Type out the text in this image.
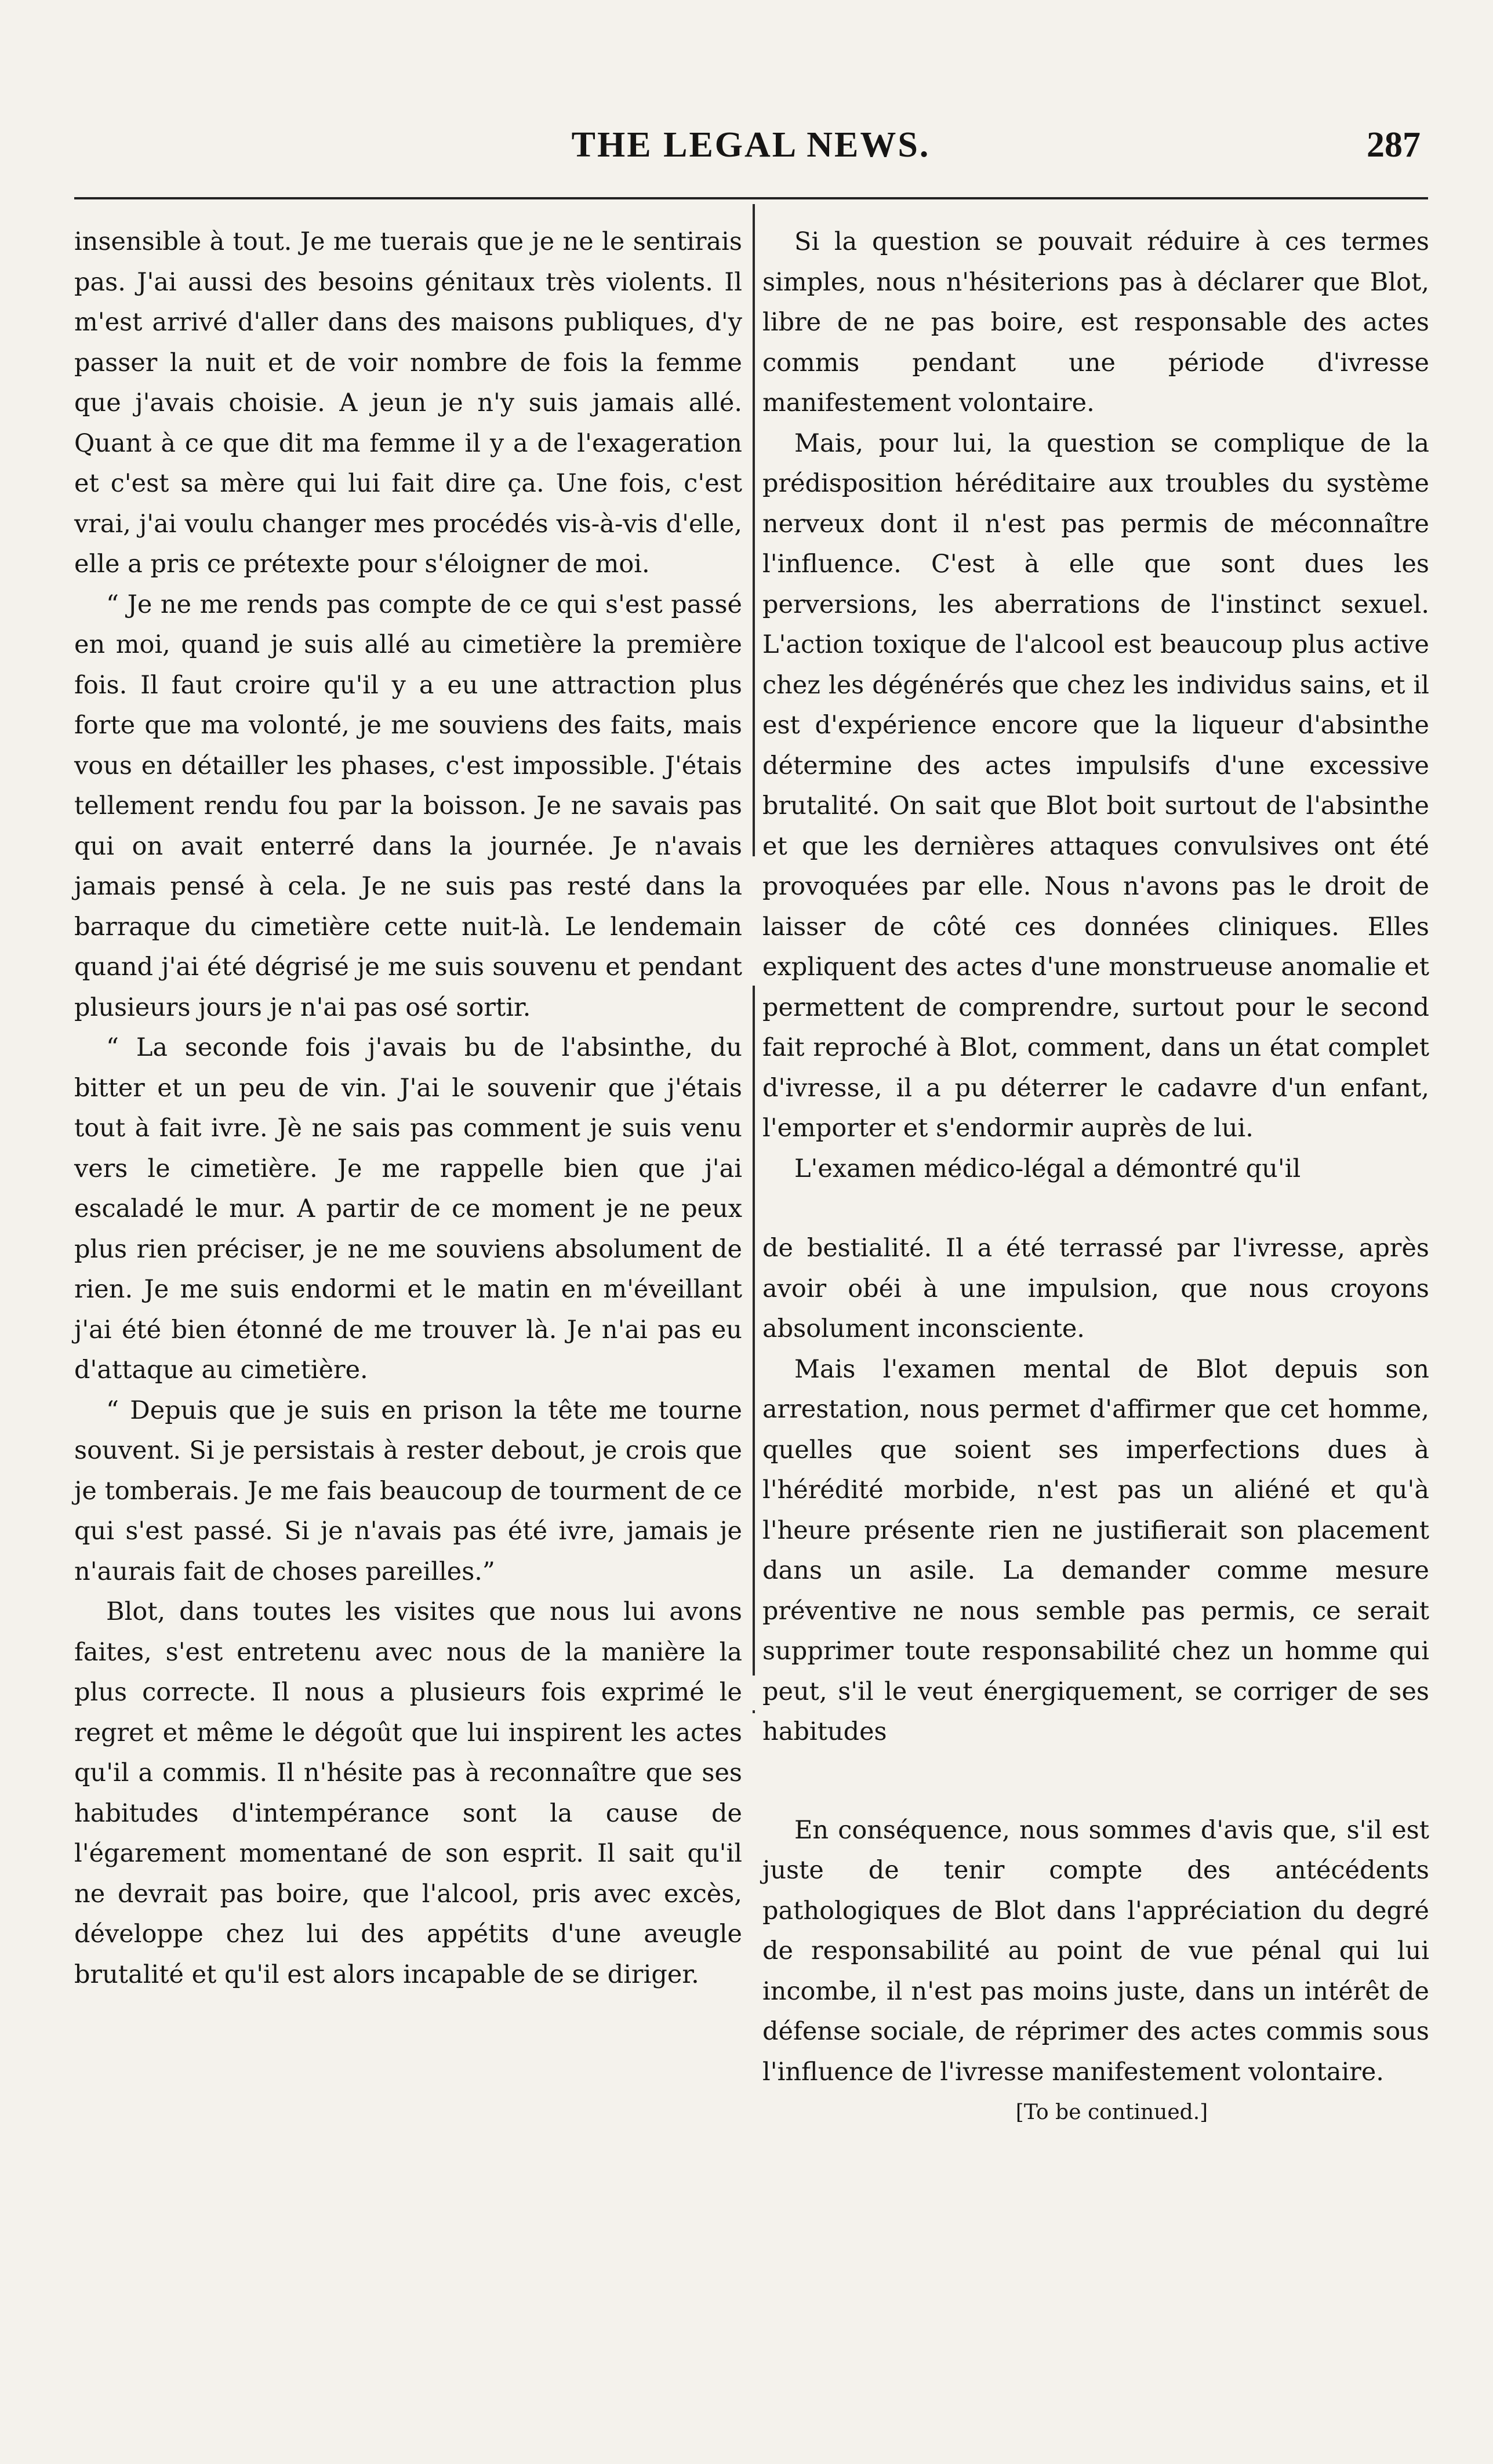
THE LEGAL NEWS.	287

insensible à tout. Je me tuerais que je ne le sentirais pas. J'ai aussi des besoins génitaux très violents. Il m'est arrivé d'aller dans des maisons publiques, d'y passer la nuit et de voir nombre de fois la femme que j'avais choisie. A jeun je n'y suis jamais allé. Quant à ce que dit ma femme il y a de l'exageration et c'est sa mère qui lui fait dire ça. Une fois, c'est vrai, j'ai voulu changer mes procédés vis-à-vis d'elle, elle a pris ce prétexte pour s'éloigner de moi.

“ Je ne me rends pas compte de ce qui s'est passé en moi, quand je suis allé au cimetière la première fois. Il faut croire qu'il y a eu une attraction plus forte que ma volonté, je me souviens des faits, mais vous en détailler les phases, c'est impossible. J'étais tellement rendu fou par la boisson. Je ne savais pas qui on avait enterré dans la journée. Je n'avais jamais pensé à cela. Je ne suis pas resté dans la barraque du cimetière cette nuit-là. Le lendemain quand j'ai été dégrisé je me suis souvenu et pendant plusieurs jours je n'ai pas osé sortir.

“ La seconde fois j'avais bu de l'absinthe, du bitter et un peu de vin. J'ai le souvenir que j'étais tout à fait ivre. Jè ne sais pas comment je suis venu vers le cimetière. Je me rappelle bien que j'ai escaladé le mur. A partir de ce moment je ne peux plus rien préciser, je ne me souviens absolument de rien. Je me suis endormi et le matin en m'éveillant j'ai été bien étonné de me trouver là. Je n'ai pas eu d'attaque au cimetière.

“ Depuis que je suis en prison la tête me tourne souvent. Si je persistais à rester debout, je crois que je tomberais. Je me fais beaucoup de tourment de ce qui s'est passé. Si je n'avais pas été ivre, jamais je n'aurais fait de choses pareilles.”

Blot, dans toutes les visites que nous lui avons faites, s'est entretenu avec nous de la manière la plus correcte. Il nous a plusieurs fois exprimé le regret et même le dégoût que lui inspirent les actes qu'il a commis. Il n'hésite pas à reconnaître que ses habitudes d'intempérance sont la cause de l'égarement momentané de son esprit. Il sait qu'il ne devrait pas boire, que l'alcool, pris avec excès, développe chez lui des appétits d'une aveugle brutalité et qu'il est alors incapable de se diriger.

Si la question se pouvait réduire à ces termes simples, nous n'hésiterions pas à déclarer que Blot, libre de ne pas boire, est responsable des actes commis pendant une période d'ivresse manifestement volontaire.

Mais, pour lui, la question se complique de la prédisposition héréditaire aux troubles du système nerveux dont il n'est pas permis de méconnaître l'influence. C'est à elle que sont dues les perversions, les aberrations de l'instinct sexuel. L'action toxique de l'alcool est beaucoup plus active chez les dégénérés que chez les individus sains, et il est d'expérience encore que la liqueur d'absinthe détermine des actes impulsifs d'une excessive brutalité. On sait que Blot boit surtout de l'absinthe et que les dernières attaques convulsives ont été provoquées par elle. Nous n'avons pas le droit de laisser de côté ces données cliniques. Elles expliquent des actes d'une monstrueuse anomalie et permettent de comprendre, surtout pour le second fait reproché à Blot, comment, dans un état complet d'ivresse, il a pu déterrer le cadavre d'un enfant, l'emporter et s'endormir auprès de lui.

L'examen médico-légal a démontré qu'il

de bestialité. Il a été terrassé par l'ivresse, après avoir obéi à une impulsion, que nous croyons absolument inconsciente.

Mais l'examen mental de Blot depuis son arrestation, nous permet d'affirmer que cet homme, quelles que soient ses imperfections dues à l'hérédité morbide, n'est pas un aliéné et qu'à l'heure présente rien ne justifierait son placement dans un asile. La demander comme mesure préventive ne nous semble pas permis, ce serait supprimer toute responsabilité chez un homme qui peut, s'il le veut énergiquement, se corriger de ses habitudes

En conséquence, nous sommes d'avis que, s'il est juste de tenir compte des antécédents pathologiques de Blot dans l'appréciation du degré de responsabilité au point de vue pénal qui lui incombe, il n'est pas moins juste, dans un intérêt de défense sociale, de réprimer des actes commis sous l'influence de l'ivresse manifestement volontaire.

[To be continued.]
